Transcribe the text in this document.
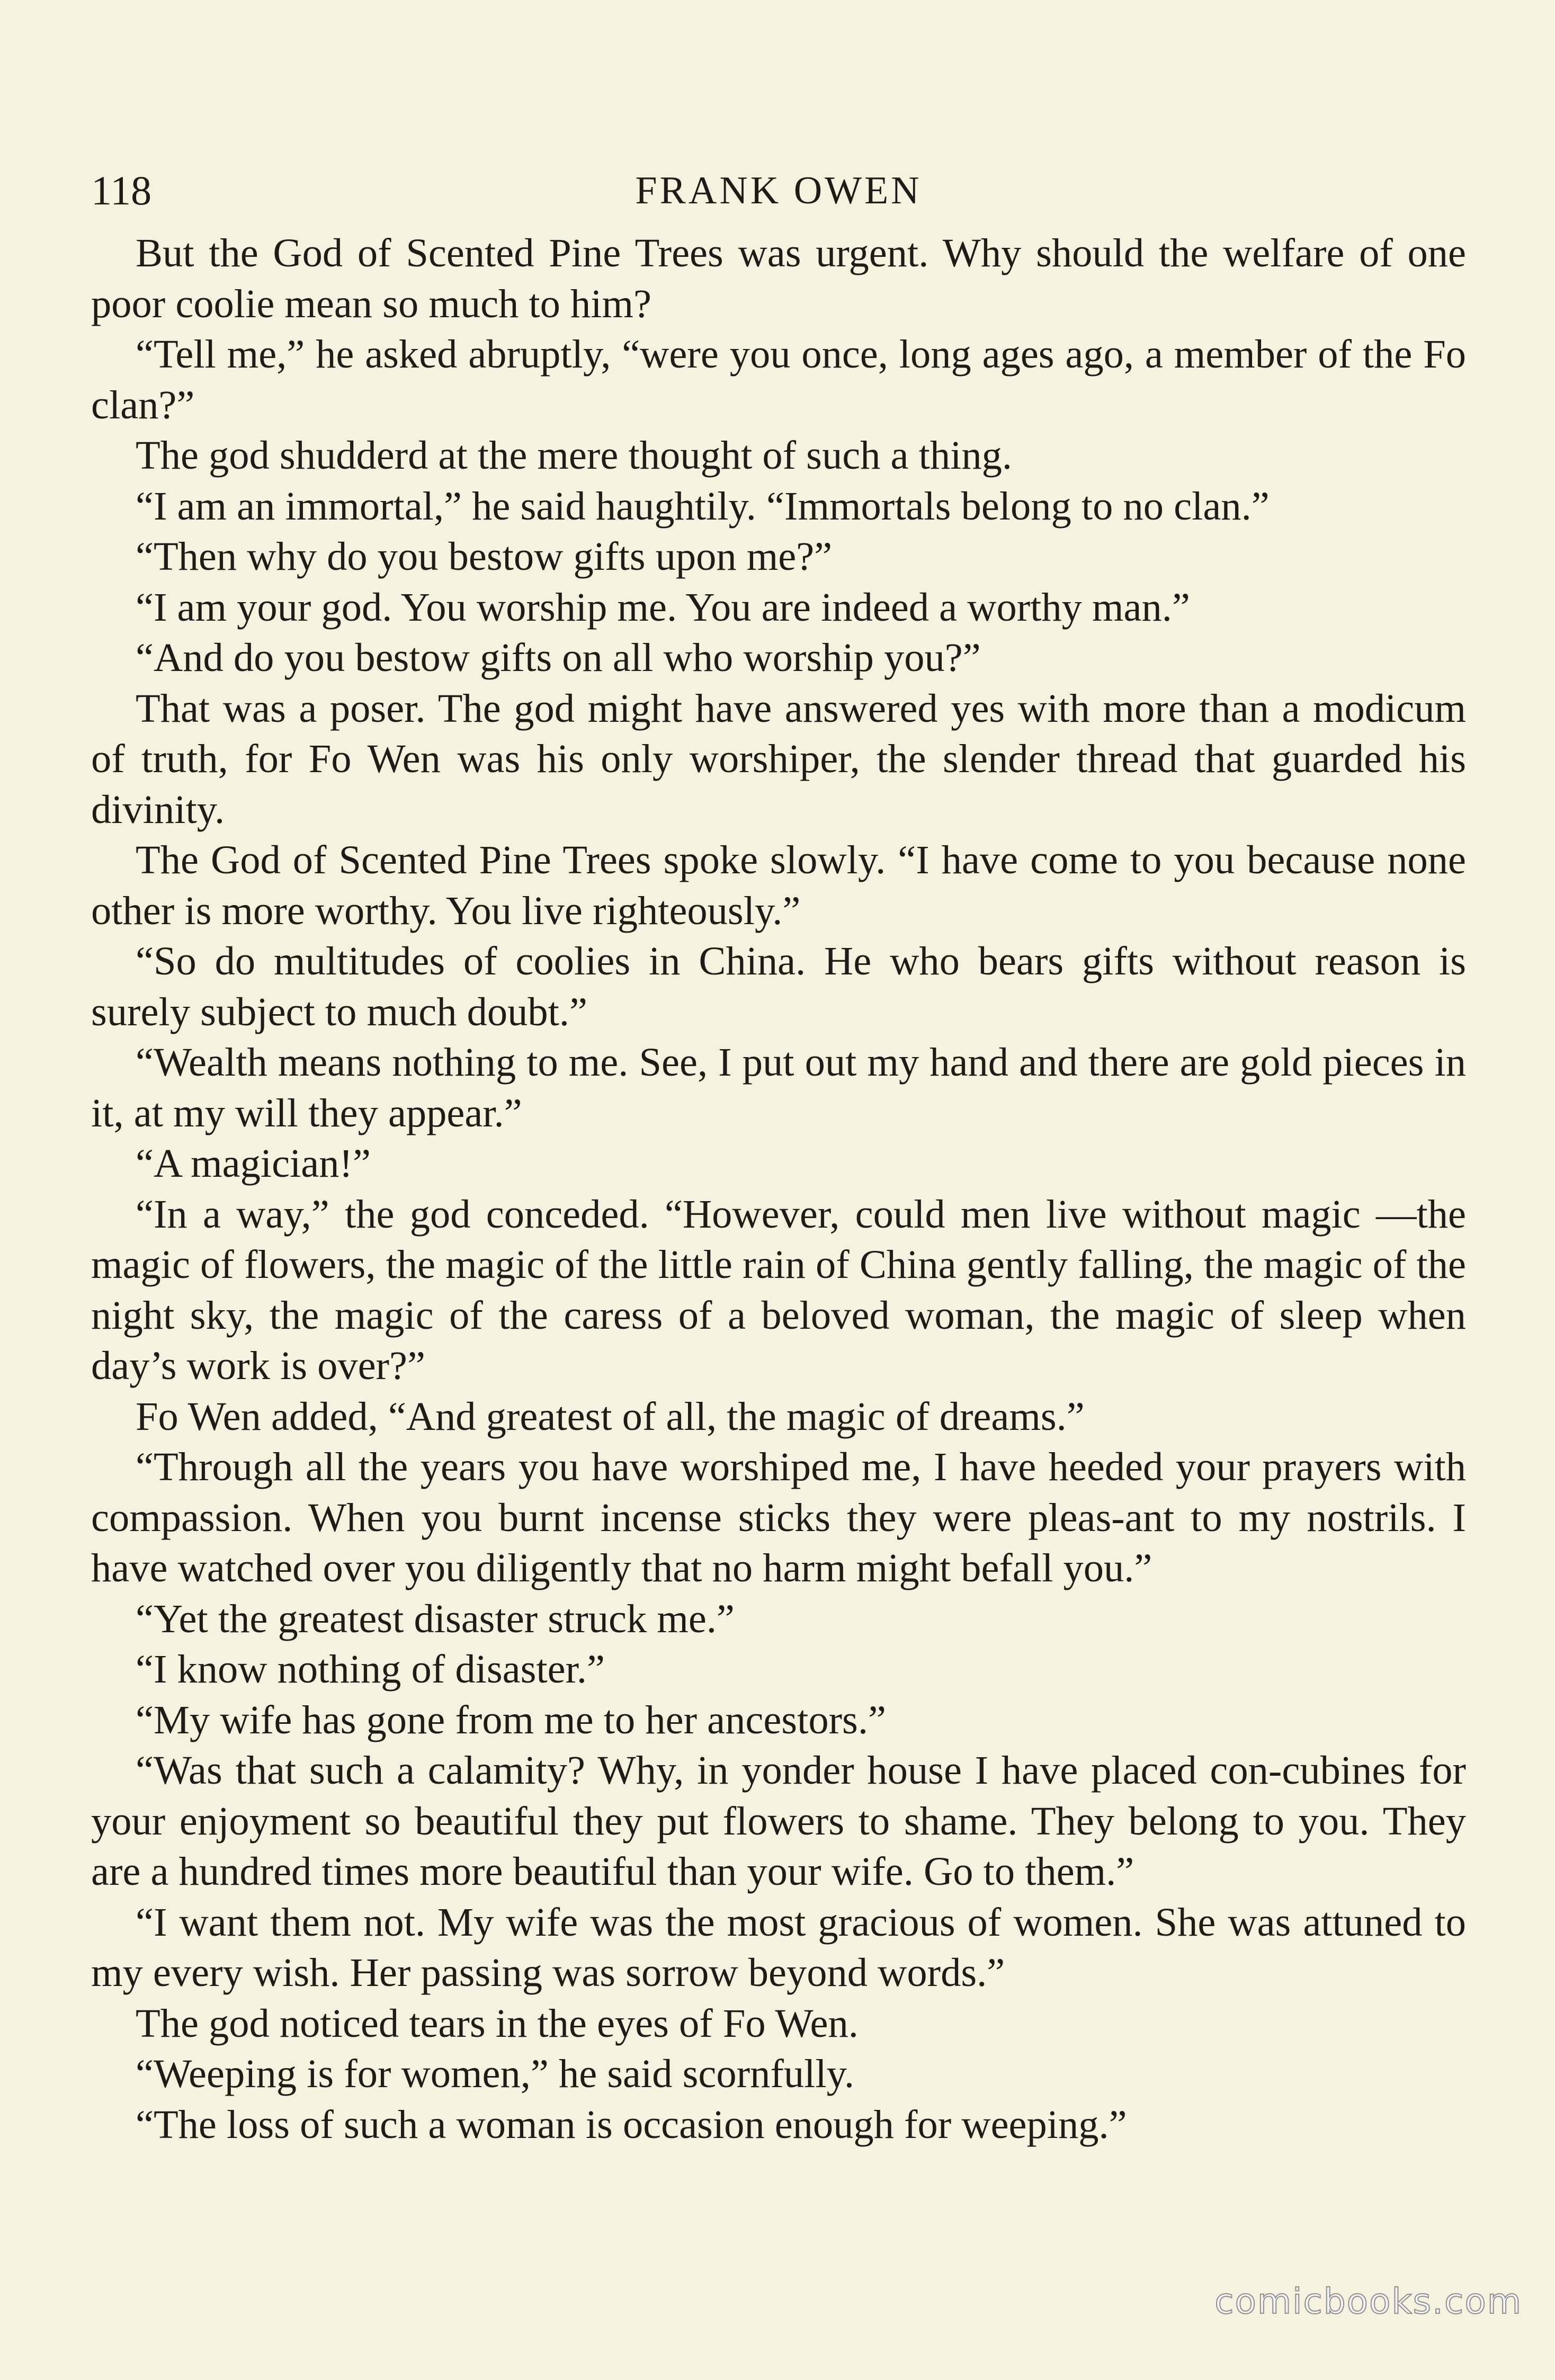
118	FRANK OWEN

But the God of Scented Pine Trees was urgent. Why should the welfare of one poor coolie mean so much to him?

“Tell me,” he asked abruptly, “were you once, long ages ago, a member of the Fo clan?”

The god shudderd at the mere thought of such a thing.

“I am an immortal,” he said haughtily. “Immortals belong to no clan.”

“Then why do you bestow gifts upon me?”

“I am your god. You worship me. You are indeed a worthy man.”

“And do you bestow gifts on all who worship you?”

That was a poser. The god might have answered yes with more than a modicum of truth, for Fo Wen was his only worshiper, the slender thread that guarded his divinity.

The God of Scented Pine Trees spoke slowly. “I have come to you because none other is more worthy. You live righteously.”

“So do multitudes of coolies in China. He who bears gifts without reason is surely subject to much doubt.”

“Wealth means nothing to me. See, I put out my hand and there are gold pieces in it, at my will they appear.”

“A magician!”

“In a way,” the god conceded. “However, could men live without magic —the magic of flowers, the magic of the little rain of China gently falling, the magic of the night sky, the magic of the caress of a beloved woman, the magic of sleep when day’s work is over?”

Fo Wen added, “And greatest of all, the magic of dreams.”

“Through all the years you have worshiped me, I have heeded your prayers with compassion. When you burnt incense sticks they were pleas-ant to my nostrils. I have watched over you diligently that no harm might befall you.”

“Yet the greatest disaster struck me.”

“I know nothing of disaster.”

“My wife has gone from me to her ancestors.”

“Was that such a calamity? Why, in yonder house I have placed con-cubines for your enjoyment so beautiful they put flowers to shame. They belong to you. They are a hundred times more beautiful than your wife. Go to them.”

“I want them not. My wife was the most gracious of women. She was attuned to my every wish. Her passing was sorrow beyond words.”

The god noticed tears in the eyes of Fo Wen.

“Weeping is for women,” he said scornfully.

“The loss of such a woman is occasion enough for weeping.”

comicbooks.com
